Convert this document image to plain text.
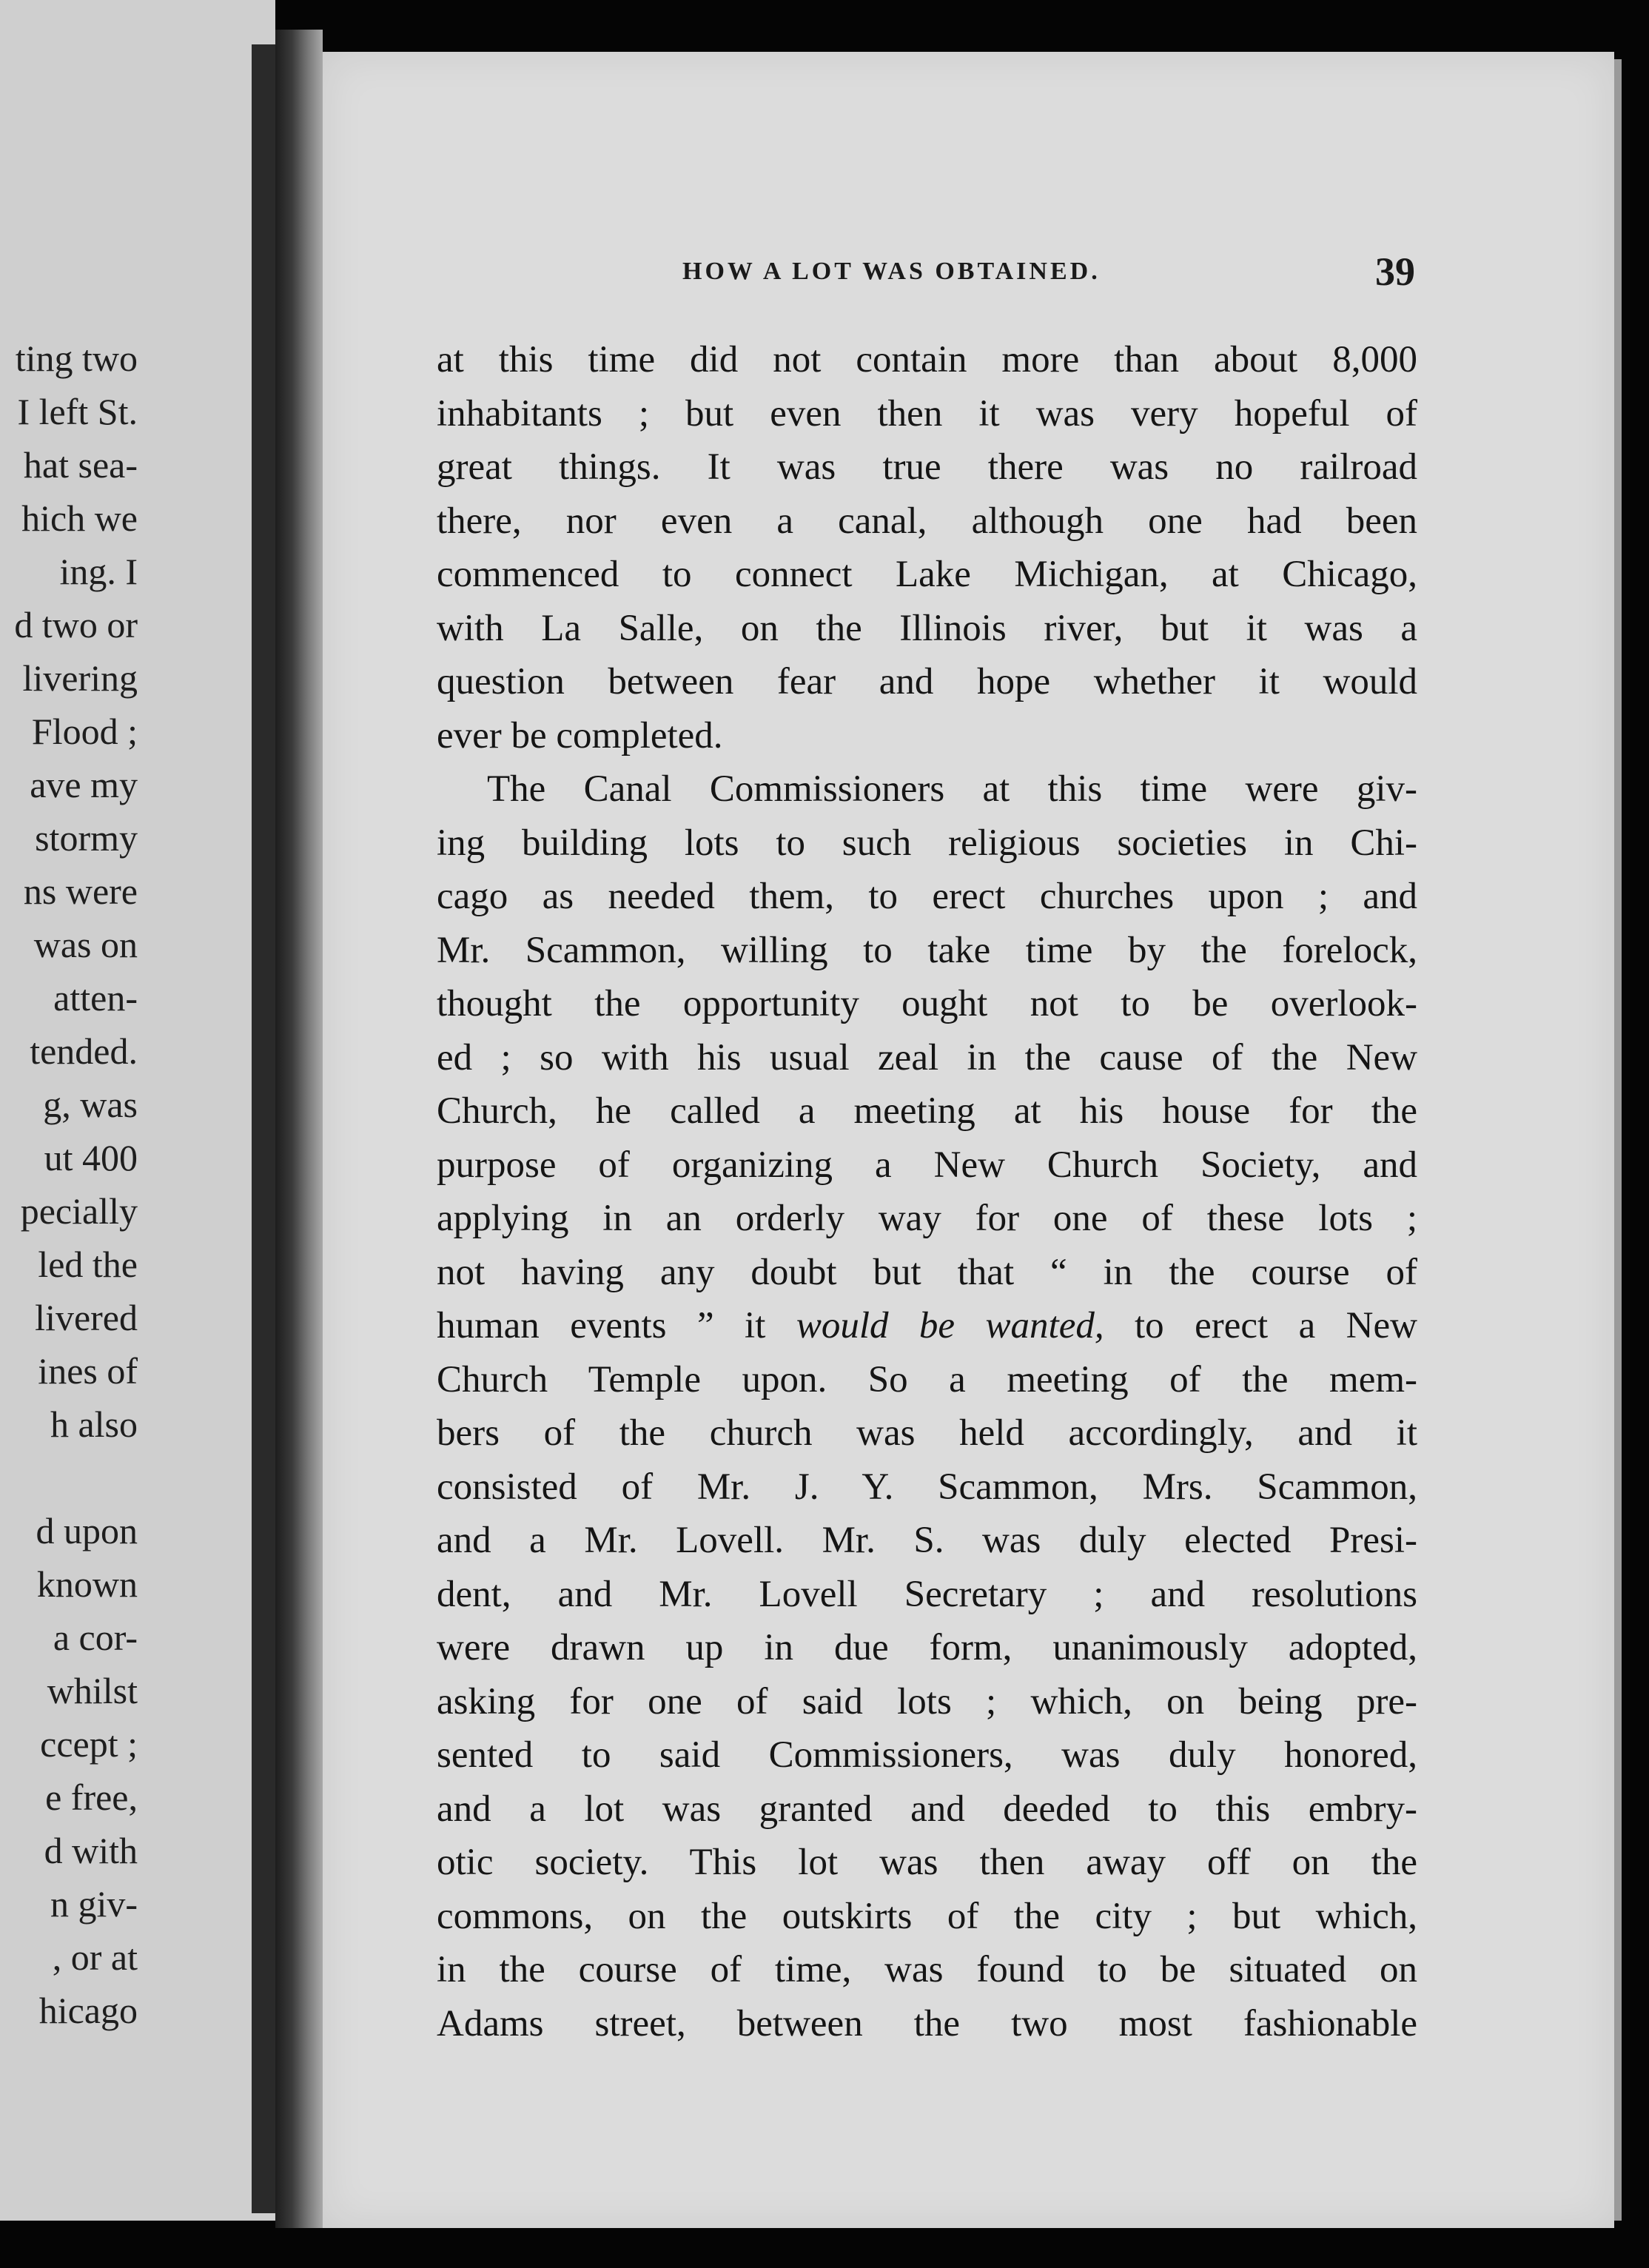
ting two
I left St.
hat sea-
hich we
ing. I
d two or
livering
Flood ;
ave my
stormy
ns were
was on
atten-
tended.
g, was
ut 400
pecially
led the
livered
ines of
h also
d upon
known
a cor-
whilst
ccept ;
e free,
d with
n giv-
, or at
hicago
HOW A LOT WAS OBTAINED.	39
at this time did not contain more than about 8,000
inhabitants ; but even then it was very hopeful of
great things. It was true there was no railroad
there, nor even a canal, although one had been
commenced to connect Lake Michigan, at Chicago,
with La Salle, on the Illinois river, but it was a
question between fear and hope whether it would
ever be completed.
The Canal Commissioners at this time were giv-
ing building lots to such religious societies in Chi-
cago as needed them, to erect churches upon ; and
Mr. Scammon, willing to take time by the forelock,
thought the opportunity ought not to be overlook-
ed ; so with his usual zeal in the cause of the New
Church, he called a meeting at his house for the
purpose of organizing a New Church Society, and
applying in an orderly way for one of these lots ;
not having any doubt but that “ in the course of
human events ” it would be wanted, to erect a New
Church Temple upon. So a meeting of the mem-
bers of the church was held accordingly, and it
consisted of Mr. J. Y. Scammon, Mrs. Scammon,
and a Mr. Lovell. Mr. S. was duly elected Presi-
dent, and Mr. Lovell Secretary ; and resolutions
were drawn up in due form, unanimously adopted,
asking for one of said lots ; which, on being pre-
sented to said Commissioners, was duly honored,
and a lot was granted and deeded to this embry-
otic society. This lot was then away off on the
commons, on the outskirts of the city ; but which,
in the course of time, was found to be situated on
Adams street, between the two most fashionable
